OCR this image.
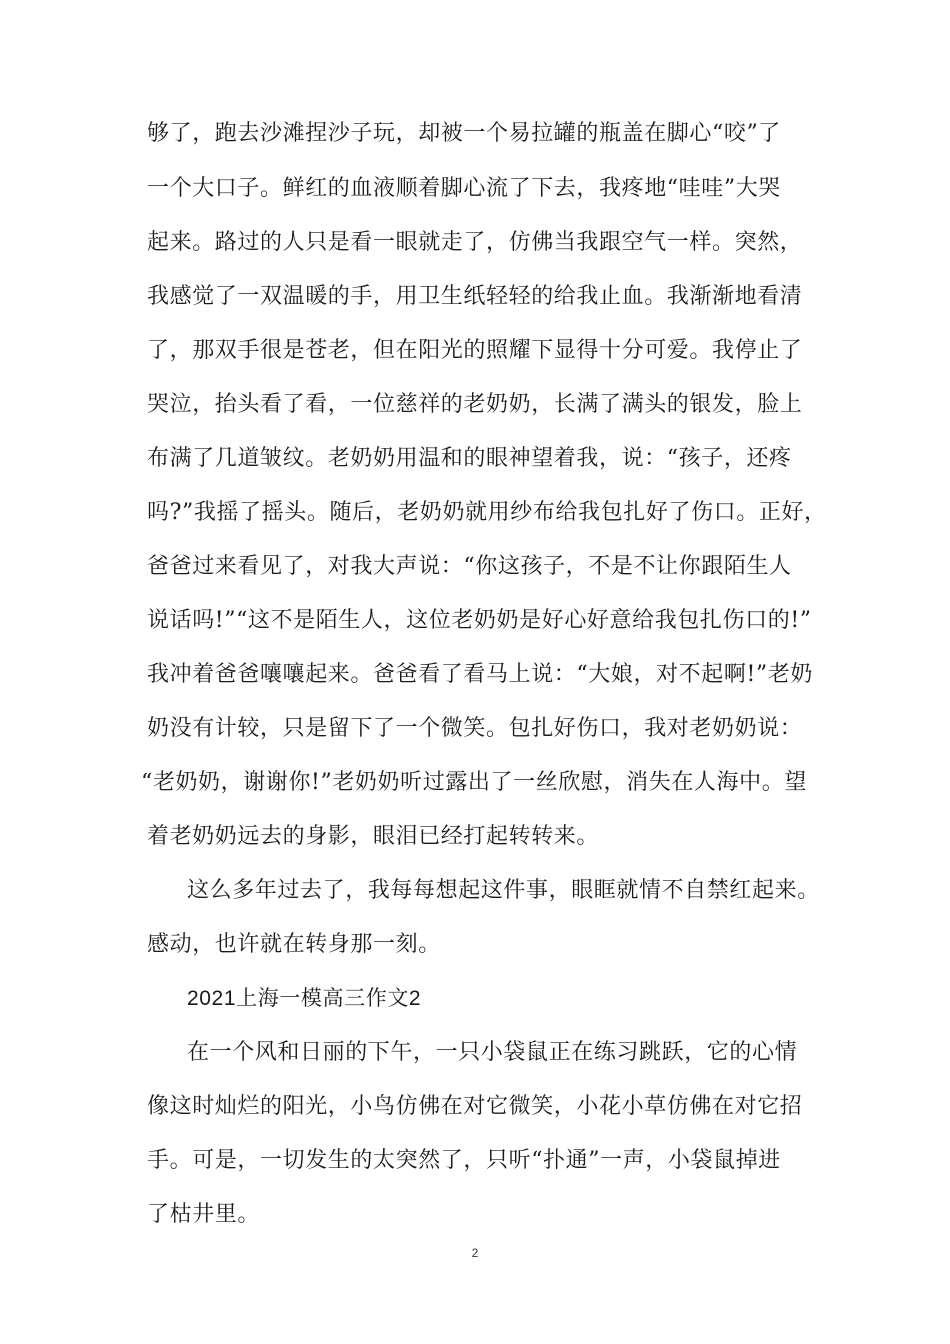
够了，跑去沙滩捏沙子玩，却被一个易拉罐的瓶盖在脚心“咬”了

一个大口子。鲜红的血液顺着脚心流了下去，我疼地“哇哇”大哭

起来。路过的人只是看一眼就走了，仿佛当我跟空气一样。突然，

我感觉了一双温暖的手，用卫生纸轻轻的给我止血。我渐渐地看清

了，那双手很是苍老，但在阳光的照耀下显得十分可爱。我停止了

哭泣，抬头看了看，一位慈祥的老奶奶，长满了满头的银发，脸上

布满了几道皱纹。老奶奶用温和的眼神望着我，说：“孩子，还疼

吗?”我摇了摇头。随后，老奶奶就用纱布给我包扎好了伤口。正好，

爸爸过来看见了，对我大声说：“你这孩子，不是不让你跟陌生人

说话吗!”“这不是陌生人，这位老奶奶是好心好意给我包扎伤口的!”

我冲着爸爸嚷嚷起来。爸爸看了看马上说：“大娘，对不起啊!”老奶

奶没有计较，只是留下了一个微笑。包扎好伤口，我对老奶奶说：

“老奶奶，谢谢你!”老奶奶听过露出了一丝欣慰，消失在人海中。望

着老奶奶远去的身影，眼泪已经打起转转来。

这么多年过去了，我每每想起这件事，眼眶就情不自禁红起来。

感动，也许就在转身那一刻。

2021上海一模高三作文2

在一个风和日丽的下午，一只小袋鼠正在练习跳跃，它的心情

像这时灿烂的阳光，小鸟仿佛在对它微笑，小花小草仿佛在对它招

手。可是，一切发生的太突然了，只听“扑通”一声，小袋鼠掉进

了枯井里。

2
